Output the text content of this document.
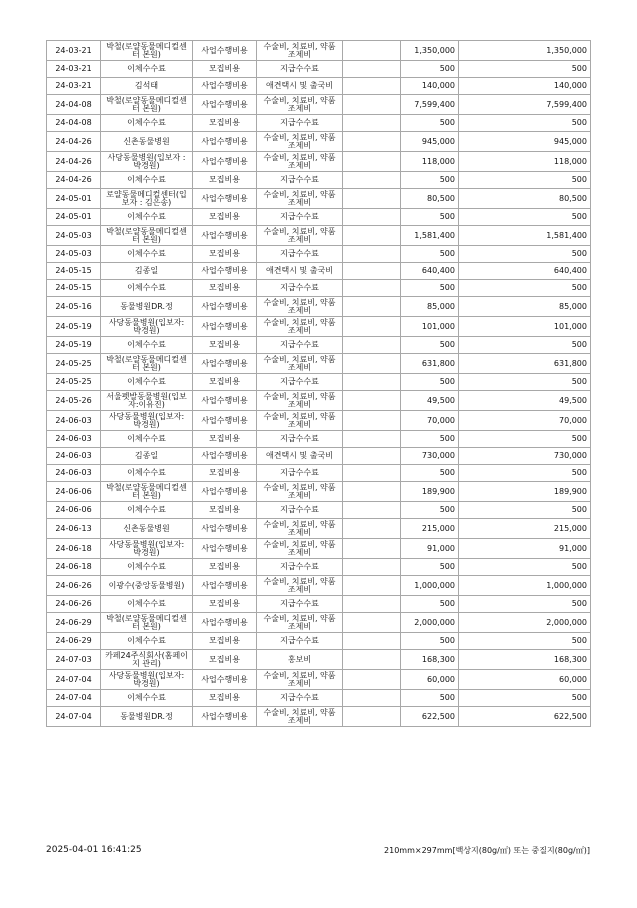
24-03-21	박철(로얄동물메디컬센터 본원)	사업수행비용	수술비, 치료비, 약품조제비		1,350,000	1,350,000
24-03-21	이체수수료	모집비용	지급수수료		500	500
24-03-21	김석태	사업수행비용	애견택시 및 출국비		140,000	140,000
24-04-08	박철(로얄동물메디컬센터 본원)	사업수행비용	수술비, 치료비, 약품조제비		7,599,400	7,599,400
24-04-08	이체수수료	모집비용	지급수수료		500	500
24-04-26	신촌동물병원	사업수행비용	수술비, 치료비, 약품조제비		945,000	945,000
24-04-26	사당동물병원(입보자 : 박경원)	사업수행비용	수술비, 치료비, 약품조제비		118,000	118,000
24-04-26	이체수수료	모집비용	지급수수료		500	500
24-05-01	로얄동물메디컬센터(입보자 : 김은송)	사업수행비용	수술비, 치료비, 약품조제비		80,500	80,500
24-05-01	이체수수료	모집비용	지급수수료		500	500
24-05-03	박철(로얄동물메디컬센터 본원)	사업수행비용	수술비, 치료비, 약품조제비		1,581,400	1,581,400
24-05-03	이체수수료	모집비용	지급수수료		500	500
24-05-15	김종일	사업수행비용	애견택시 및 출국비		640,400	640,400
24-05-15	이체수수료	모집비용	지급수수료		500	500
24-05-16	동물병원DR.정	사업수행비용	수술비, 치료비, 약품조제비		85,000	85,000
24-05-19	사당동물병원(입보자: 박경원)	사업수행비용	수술비, 치료비, 약품조제비		101,000	101,000
24-05-19	이체수수료	모집비용	지급수수료		500	500
24-05-25	박철(로얄동물메디컬센터 본원)	사업수행비용	수술비, 치료비, 약품조제비		631,800	631,800
24-05-25	이체수수료	모집비용	지급수수료		500	500
24-05-26	서울펫발동물병원(입보자:이유진)	사업수행비용	수술비, 치료비, 약품조제비		49,500	49,500
24-06-03	사당동물병원(입보자: 박경원)	사업수행비용	수술비, 치료비, 약품조제비		70,000	70,000
24-06-03	이체수수료	모집비용	지급수수료		500	500
24-06-03	김종일	사업수행비용	애견택시 및 출국비		730,000	730,000
24-06-03	이체수수료	모집비용	지급수수료		500	500
24-06-06	박철(로얄동물메디컬센터 본원)	사업수행비용	수술비, 치료비, 약품조제비		189,900	189,900
24-06-06	이체수수료	모집비용	지급수수료		500	500
24-06-13	신촌동물병원	사업수행비용	수술비, 치료비, 약품조제비		215,000	215,000
24-06-18	사당동물병원(입보자: 박경원)	사업수행비용	수술비, 치료비, 약품조제비		91,000	91,000
24-06-18	이체수수료	모집비용	지급수수료		500	500
24-06-26	이광수(중앙동물병원)	사업수행비용	수술비, 치료비, 약품조제비		1,000,000	1,000,000
24-06-26	이체수수료	모집비용	지급수수료		500	500
24-06-29	박철(로얄동물메디컬센터 본원)	사업수행비용	수술비, 치료비, 약품조제비		2,000,000	2,000,000
24-06-29	이체수수료	모집비용	지급수수료		500	500
24-07-03	카페24주식회사(홈페이지 관리)	모집비용	홍보비		168,300	168,300
24-07-04	사당동물병원(입보자: 박경원)	사업수행비용	수술비, 치료비, 약품조제비		60,000	60,000
24-07-04	이체수수료	모집비용	지급수수료		500	500
24-07-04	동물병원DR.정	사업수행비용	수술비, 치료비, 약품조제비		622,500	622,500
2025-04-01 16:41:25	210mm×297mm[백상지(80g/㎡) 또는 중질지(80g/㎡)]
